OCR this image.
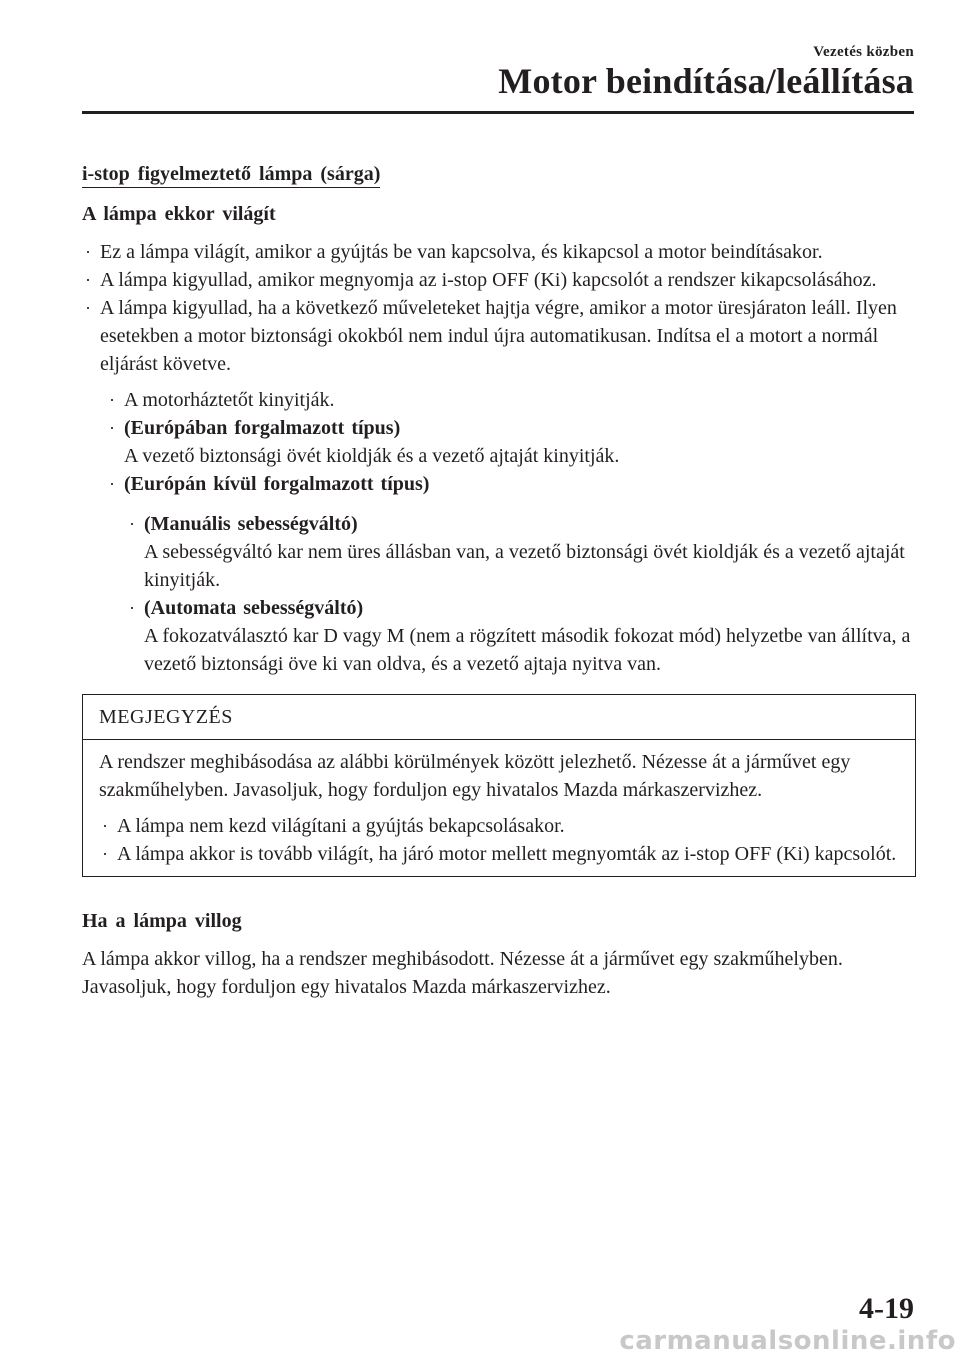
Vezetés közben
Motor beindítása/leállítása

i-stop figyelmeztető lámpa (sárga)

A lámpa ekkor világít

· Ez a lámpa világít, amikor a gyújtás be van kapcsolva, és kikapcsol a motor beindításakor.
· A lámpa kigyullad, amikor megnyomja az i-stop OFF (Ki) kapcsolót a rendszer kikapcsolásához.
· A lámpa kigyullad, ha a következő műveleteket hajtja végre, amikor a motor üresjáraton leáll. Ilyen esetekben a motor biztonsági okokból nem indul újra automatikusan. Indítsa el a motort a normál eljárást követve.
· A motorháztetőt kinyitják.
· (Európában forgalmazott típus)
A vezető biztonsági övét kioldják és a vezető ajtaját kinyitják.
· (Európán kívül forgalmazott típus)
· (Manuális sebességváltó)
A sebességváltó kar nem üres állásban van, a vezető biztonsági övét kioldják és a vezető ajtaját kinyitják.
· (Automata sebességváltó)
A fokozatválasztó kar D vagy M (nem a rögzített második fokozat mód) helyzetbe van állítva, a vezető biztonsági öve ki van oldva, és a vezető ajtaja nyitva van.
MEGJEGYZÉS

A rendszer meghibásodása az alábbi körülmények között jelezhető. Nézesse át a járművet egy szakműhelyben. Javasoljuk, hogy forduljon egy hivatalos Mazda márkaszervizhez.

· A lámpa nem kezd világítani a gyújtás bekapcsolásakor.
· A lámpa akkor is tovább világít, ha járó motor mellett megnyomták az i-stop OFF (Ki) kapcsolót.

Ha a lámpa villog

A lámpa akkor villog, ha a rendszer meghibásodott. Nézesse át a járművet egy szakműhelyben. Javasoljuk, hogy forduljon egy hivatalos Mazda márkaszervizhez.

4-19
carmanualsonline.info
